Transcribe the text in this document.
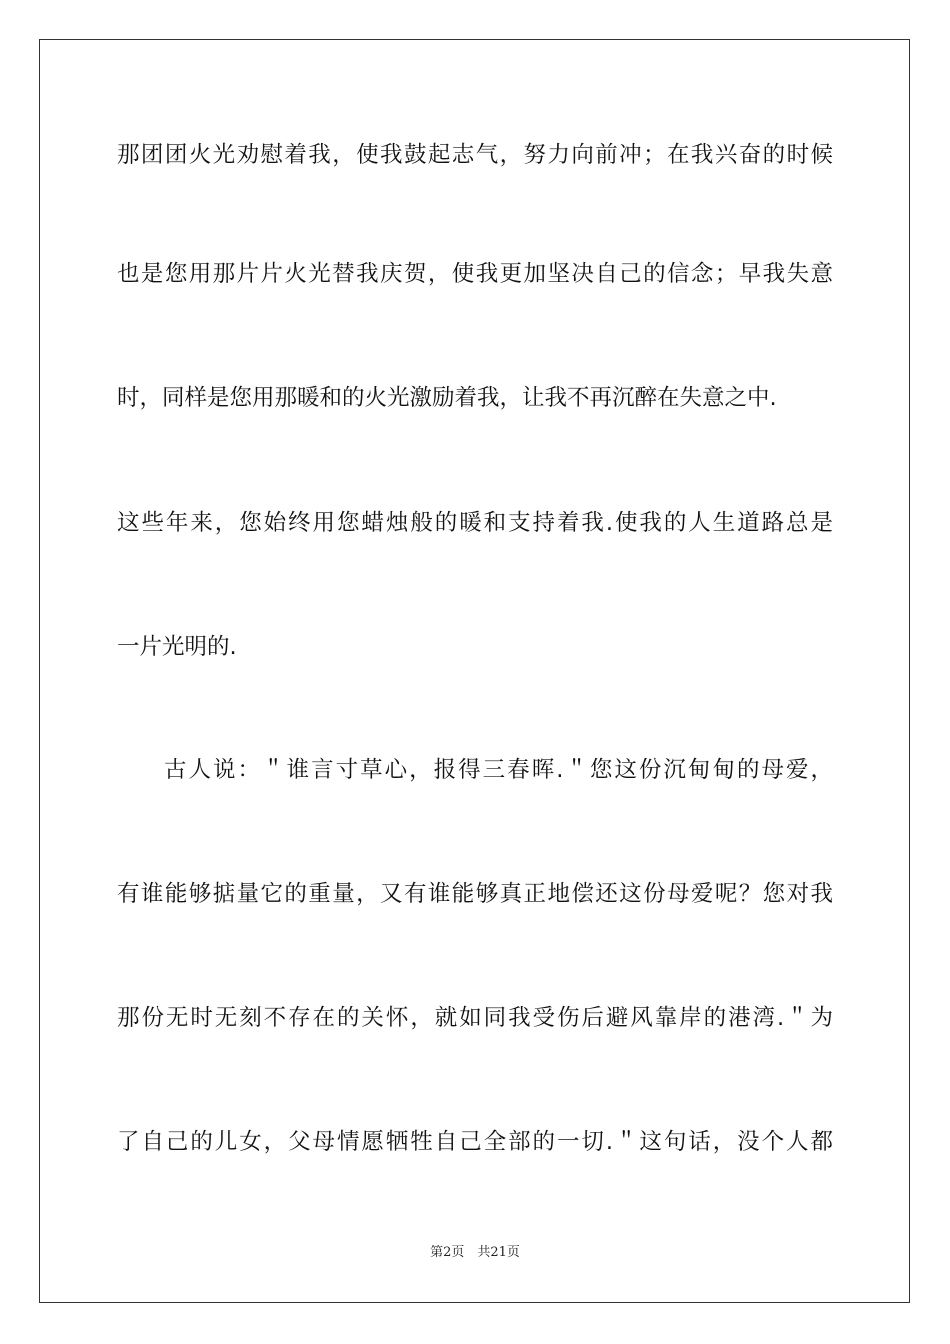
那团团火光劝慰着我，使我鼓起志气，努力向前冲；在我兴奋的时候
也是您用那片片火光替我庆贺，使我更加坚决自己的信念；早我失意
时，同样是您用那暖和的火光激励着我，让我不再沉醉在失意之中.
这些年来，您始终用您蜡烛般的暖和支持着我.使我的人生道路总是
一片光明的.
古人说：＂谁言寸草心，报得三春晖.＂您这份沉甸甸的母爱，
有谁能够掂量它的重量，又有谁能够真正地偿还这份母爱呢？您对我
那份无时无刻不存在的关怀，就如同我受伤后避风靠岸的港湾.＂为
了自己的儿女，父母情愿牺牲自己全部的一切.＂这句话，没个人都
第2页　共21页
